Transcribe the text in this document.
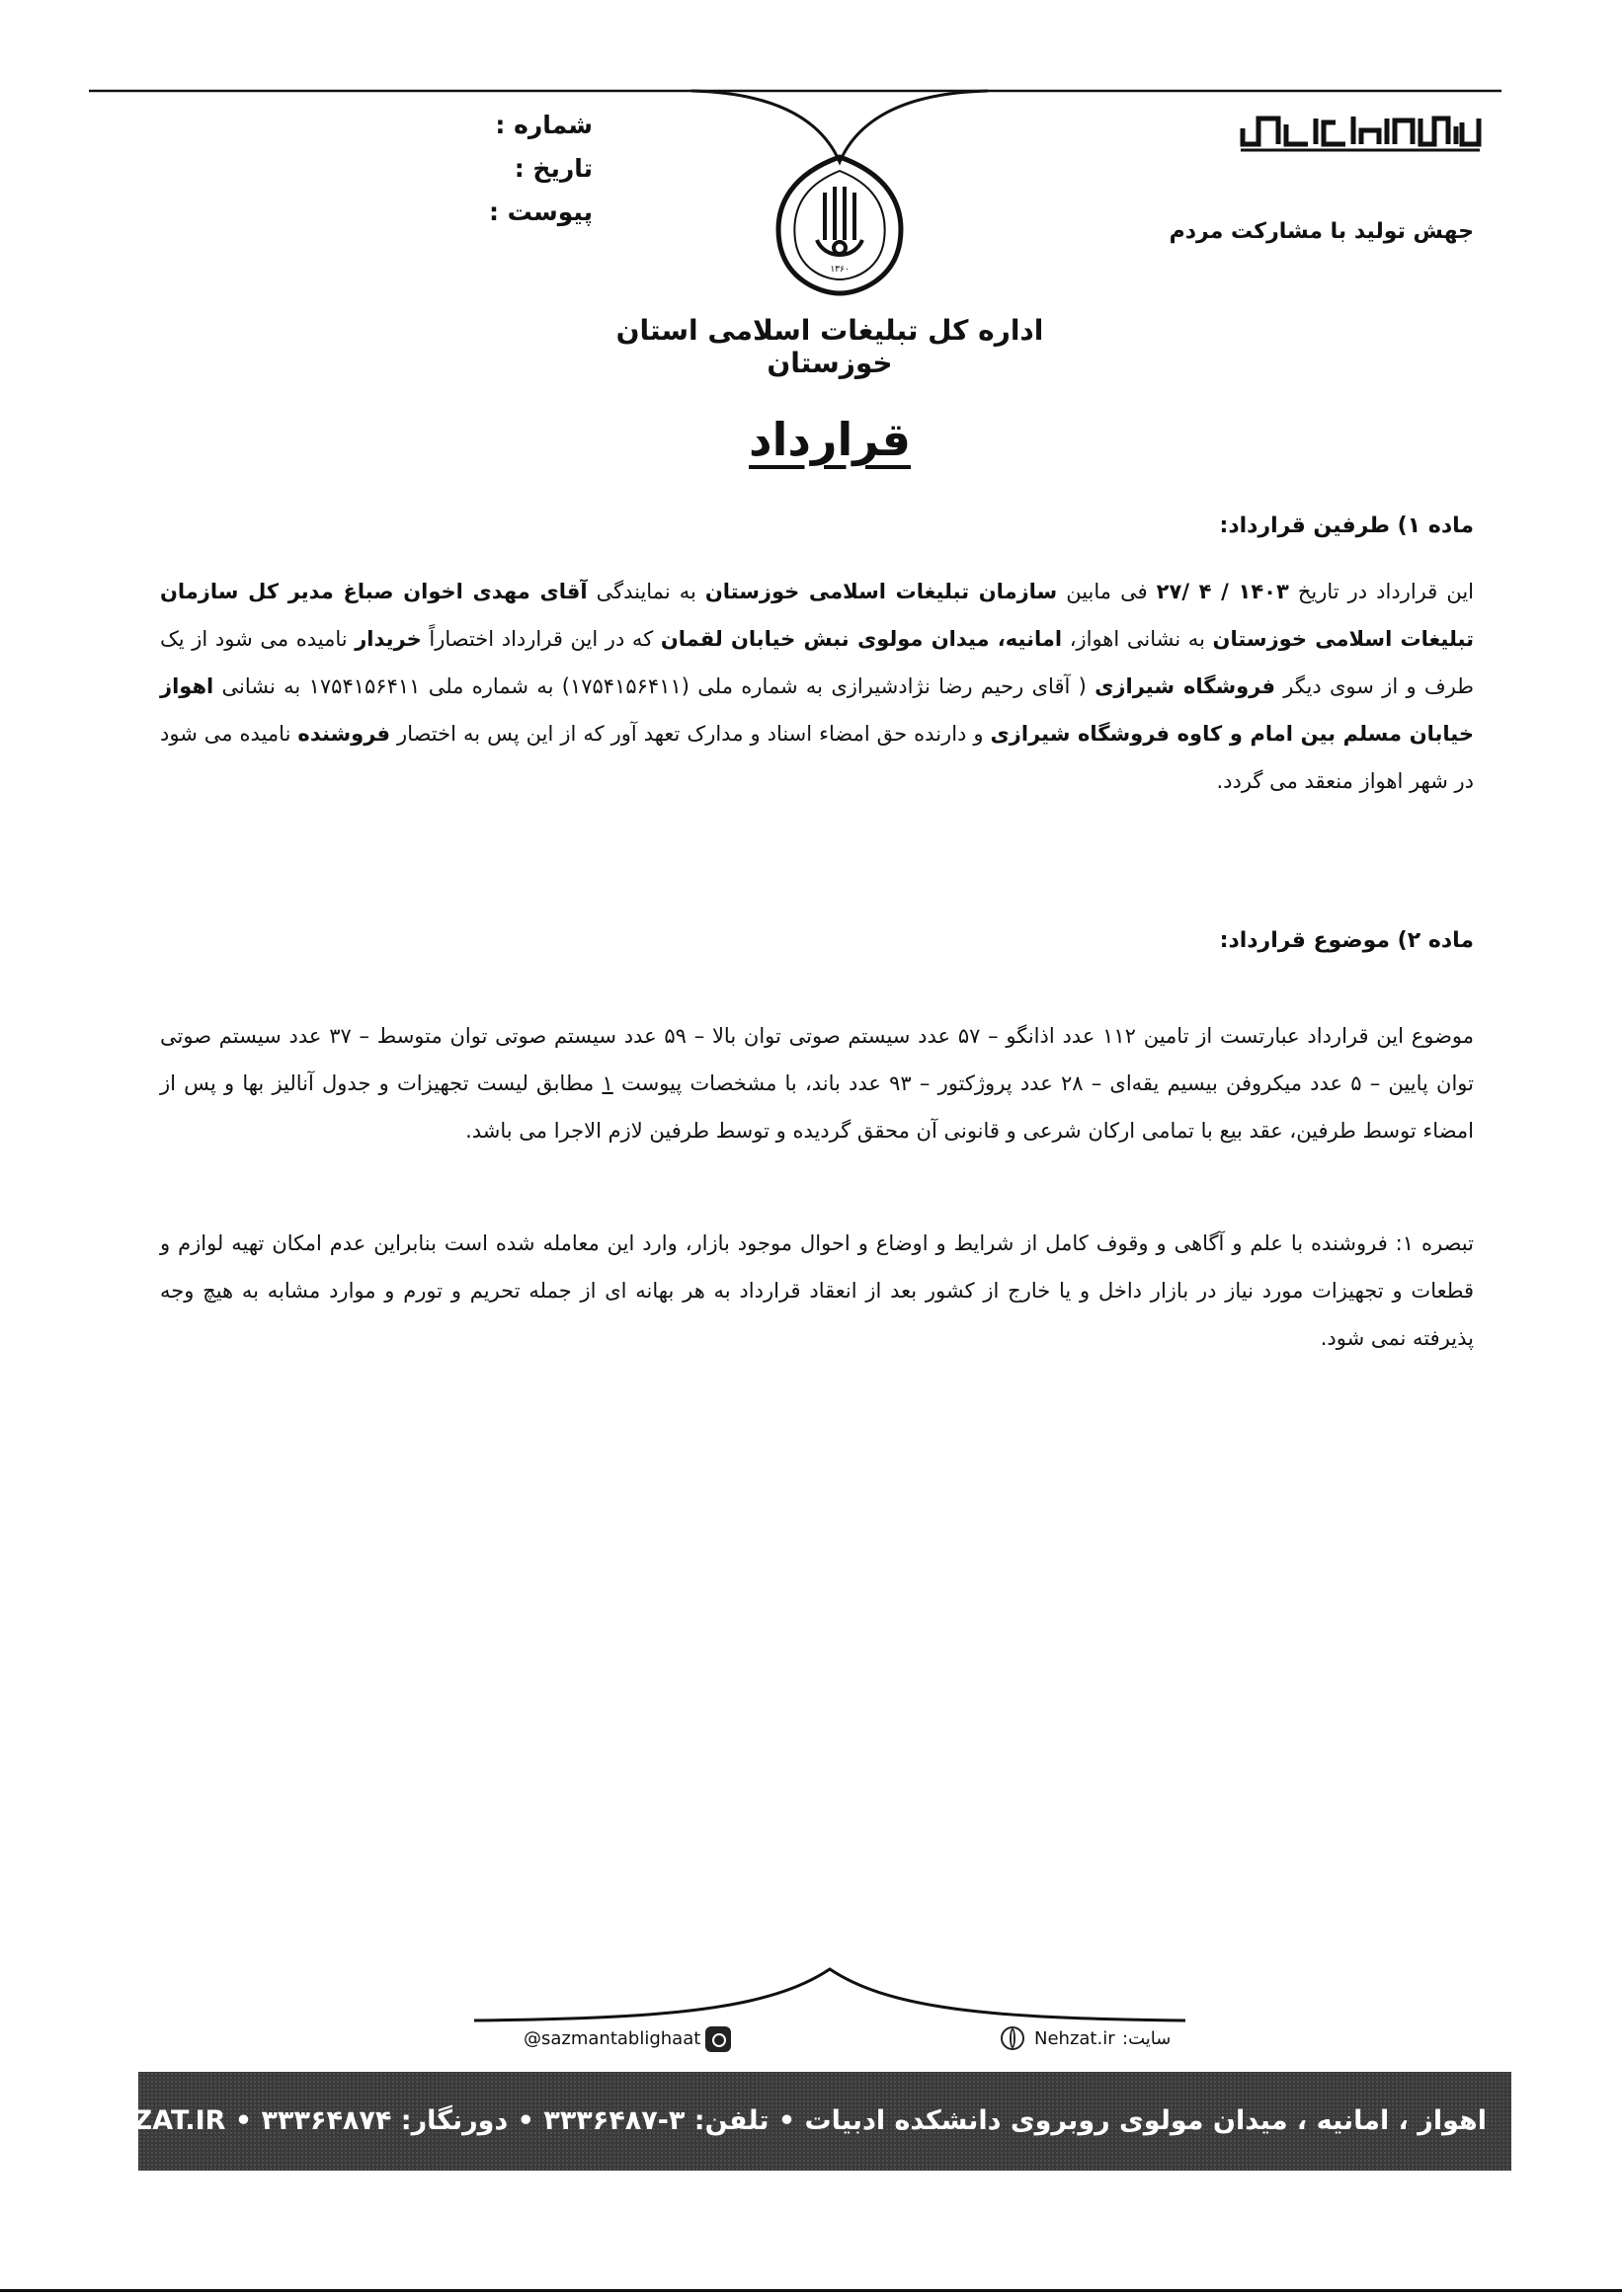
جهش تولید با مشارکت مردم
شماره :
تاریخ :
پیوست :
۱۳۶۰
اداره کل تبلیغات اسلامی استان خوزستان
قرارداد
ماده ۱) طرفین قرارداد:
این قرارداد در تاریخ ۱۴۰۳ / ۴ /۲۷ فی مابین سازمان تبلیغات اسلامی خوزستان به نمایندگی آقای مهدی اخوان صباغ مدیر کل سازمان تبلیغات اسلامی خوزستان به نشانی اهواز، امانیه، میدان مولوی نبش خیابان لقمان که در این قرارداد اختصاراً خریدار نامیده می شود از یک طرف و از سوی دیگر فروشگاه شیرازی ( آقای رحیم رضا نژادشیرازی به شماره ملی (۱۷۵۴۱۵۶۴۱۱) به شماره ملی ۱۷۵۴۱۵۶۴۱۱ به نشانی اهواز خیابان مسلم بین امام و کاوه فروشگاه شیرازی و دارنده حق امضاء اسناد و مدارک تعهد آور که از این پس به اختصار فروشنده نامیده می شود در شهر اهواز منعقد می گردد.
ماده ۲) موضوع قرارداد:
موضوع این قرارداد عبارتست از تامین ۱۱۲ عدد اذانگو – ۵۷ عدد سیستم صوتی توان بالا – ۵۹ عدد سیستم صوتی توان متوسط – ۳۷ عدد سیستم صوتی توان پایین – ۵ عدد میکروفن بیسیم یقه‌ای – ۲۸ عدد پروژکتور – ۹۳ عدد باند، با مشخصات پیوست ۱ مطابق لیست تجهیزات و جدول آنالیز بها و پس از امضاء توسط طرفین، عقد بیع با تمامی ارکان شرعی و قانونی آن محقق گردیده و توسط طرفین لازم الاجرا می باشد.
تبصره ۱: فروشنده با علم و آگاهی و وقوف کامل از شرایط و اوضاع و احوال موجود بازار، وارد این معامله شده است بنابراین عدم امکان تهیه لوازم و قطعات و تجهیزات مورد نیاز در بازار داخل و یا خارج از کشور بعد از انعقاد قرارداد به هر بهانه ای از جمله تحریم و تورم و موارد مشابه به هیچ وجه پذیرفته نمی شود.
@sazmantablighaat	Nehzat.ir سایت:
اهواز ، امانیه ، میدان مولوی روبروی دانشکده ادبیات • تلفن: ۳-۳۳۳۶۴۸۷ • دورنگار: ۳۳۳۶۴۸۷۴ • NEHZAT.IR
